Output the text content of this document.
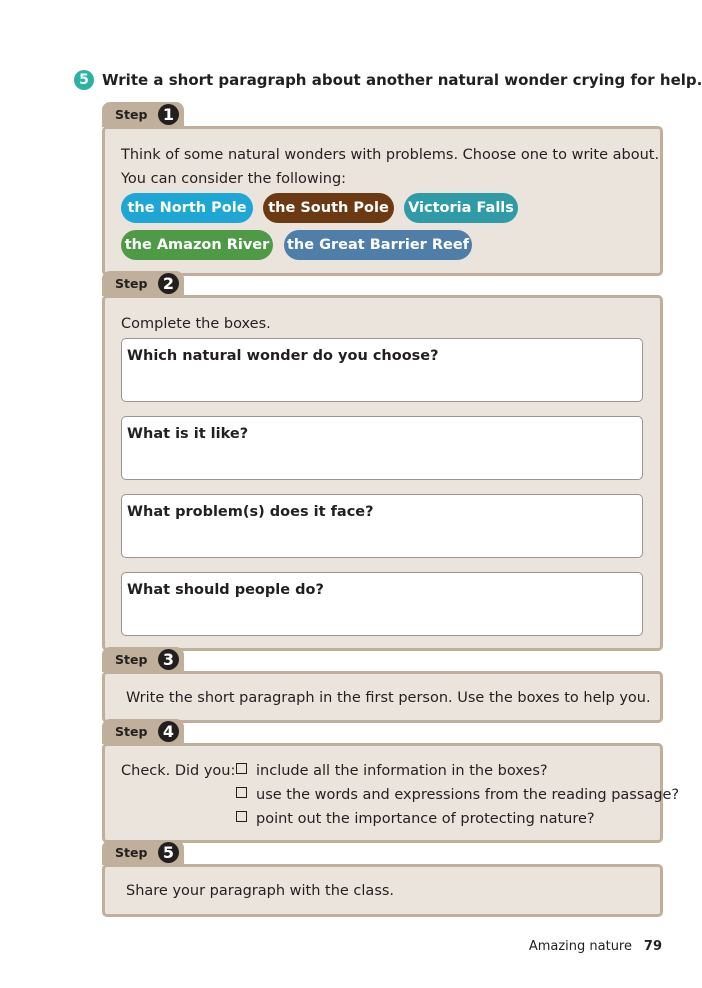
5 Write a short paragraph about another natural wonder crying for help.
Step 1
Think of some natural wonders with problems. Choose one to write about.
You can consider the following:
the North Pole	the South Pole	Victoria Falls
the Amazon River the Great Barrier Reef
Step 2
Complete the boxes.
Which natural wonder do you choose?
What is it like?
What problem(s) does it face?
What should people do?
Step 3
Write the short paragraph in the first person. Use the boxes to help you.
Step 4
Check. Did you:	include all the information in the boxes?
use the words and expressions from the reading passage?
point out the importance of protecting nature?
Step 5
Share your paragraph with the class.
Amazing nature 79
